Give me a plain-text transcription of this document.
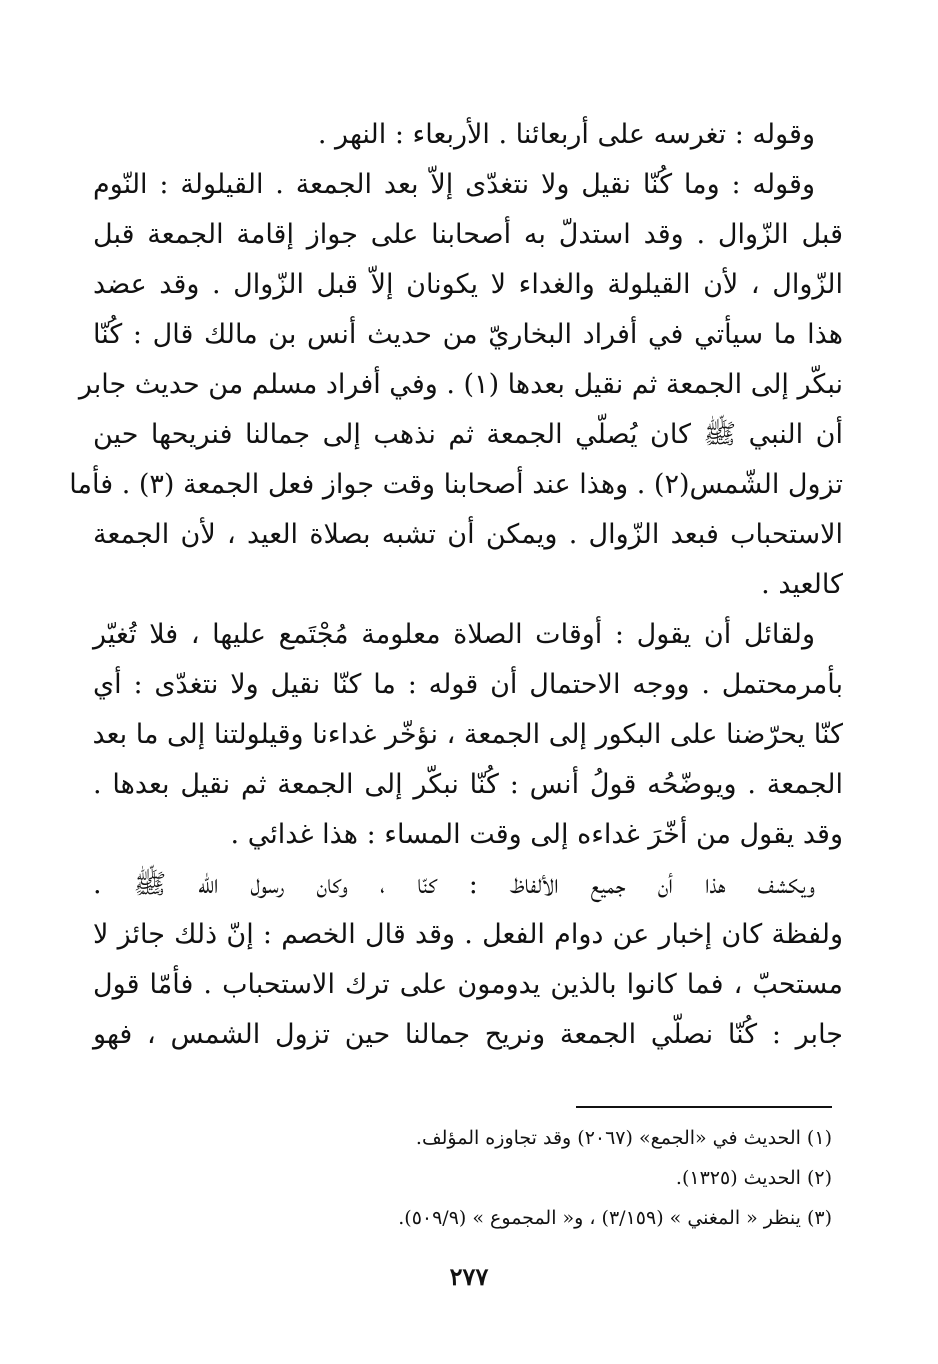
وقوله : تغرسه على أربعائنا . الأربعاء : النهر .
وقوله : وما كُنّا نقيل ولا نتغدّى إلاّ بعد الجمعة . القيلولة : النّوم
قبل الزّوال . وقد استدلّ به أصحابنا على جواز إقامة الجمعة قبل
الزّوال ، لأن القيلولة والغداء لا يكونان إلاّ قبل الزّوال . وقد عضد
هذا ما سيأتي في أفراد البخاريّ من حديث أنس بن مالك قال : كُنّا
نبكّر إلى الجمعة ثم نقيل بعدها (١) . وفي أفراد مسلم من حديث جابر
أن النبي ﷺ كان يُصلّي الجمعة ثم نذهب إلى جمالنا فنريحها حين
تزول الشّمس(٢) . وهذا عند أصحابنا وقت جواز فعل الجمعة (٣) . فأما
الاستحباب فبعد الزّوال . ويمكن أن تشبه بصلاة العيد ، لأن الجمعة
كالعيد .
ولقائل أن يقول : أوقات الصلاة معلومة مُجْتَمع عليها ، فلا تُغيّر
بأمرمحتمل . ووجه الاحتمال أن قوله : ما كنّا نقيل ولا نتغدّى : أي
كنّا يحرّضنا على البكور إلى الجمعة ، نؤخّر غداءنا وقيلولتنا إلى ما بعد
الجمعة . ويوضّحُه قولُ أنس : كُنّا نبكّر إلى الجمعة ثم نقيل بعدها .
وقد يقول من أخّرَ غداءه إلى وقت المساء : هذا غدائي .
(١) الحديث في «الجمع» (٢٠٦٧) وقد تجاوزه المؤلف.
(٢) الحديث (١٣٢٥).
(٣) ينظر « المغني » (٣/١٥٩) ، و« المجموع » (٥٠٩/٩).
٢٧٧
ويكشف هذا أن جميع الألفاظ : كنّا ، وكان رسول الله ﷺ .
ولفظة كان إخبار عن دوام الفعل . وقد قال الخصم : إنّ ذلك جائز لا
مستحبّ ، فما كانوا بالذين يدومون على ترك الاستحباب . فأمّا قول
جابر : كُنّا نصلّي الجمعة ونريح جمالنا حين تزول الشمس ، فهو
